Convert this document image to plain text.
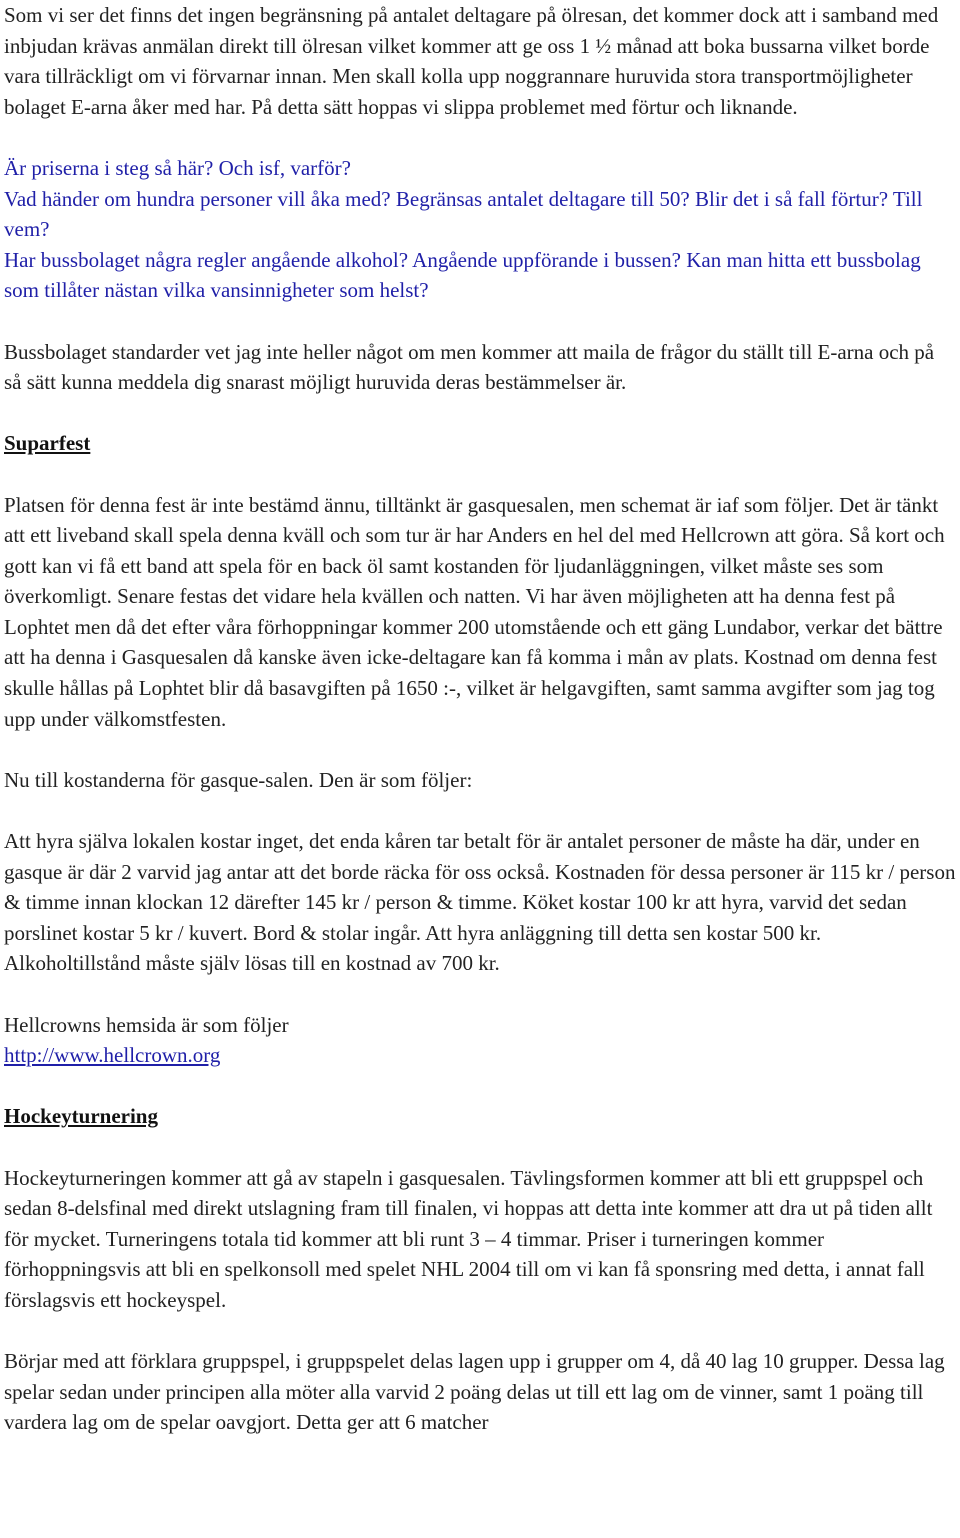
Som vi ser det finns det ingen begränsning på antalet deltagare på ölresan, det kommer dock att i samband med inbjudan krävas anmälan direkt till ölresan vilket kommer att ge oss 1 ½ månad att boka bussarna vilket borde vara tillräckligt om vi förvarnar innan. Men skall kolla upp noggrannare huruvida stora transportmöjligheter bolaget E-arna åker med har. På detta sätt hoppas vi slippa problemet med förtur och liknande.

Är priserna i steg så här? Och isf, varför?

Vad händer om hundra personer vill åka med? Begränsas antalet deltagare till 50? Blir det i så fall förtur? Till vem?

Har bussbolaget några regler angående alkohol? Angående uppförande i bussen? Kan man hitta ett bussbolag som tillåter nästan vilka vansinnigheter som helst?

Bussbolaget standarder vet jag inte heller något om men kommer att maila de frågor du ställt till E-arna och på så sätt kunna meddela dig snarast möjligt huruvida deras bestämmelser är.

Suparfest

Platsen för denna fest är inte bestämd ännu, tilltänkt är gasquesalen, men schemat är iaf som följer. Det är tänkt att ett liveband skall spela denna kväll och som tur är har Anders en hel del med Hellcrown att göra. Så kort och gott kan vi få ett band att spela för en back öl samt kostanden för ljudanläggningen, vilket måste ses som överkomligt. Senare festas det vidare hela kvällen och natten. Vi har även möjligheten att ha denna fest på Lophtet men då det efter våra förhoppningar kommer 200 utomstående och ett gäng Lundabor, verkar det bättre att ha denna i Gasquesalen då kanske även icke-deltagare kan få komma i mån av plats. Kostnad om denna fest skulle hållas på Lophtet blir då basavgiften på 1650 :-, vilket är helgavgiften, samt samma avgifter som jag tog upp under välkomstfesten.

Nu till kostanderna för gasque-salen. Den är som följer:

Att hyra själva lokalen kostar inget, det enda kåren tar betalt för är antalet personer de måste ha där, under en gasque är där 2 varvid jag antar att det borde räcka för oss också. Kostnaden för dessa personer är 115 kr / person & timme innan klockan 12 därefter 145 kr / person & timme. Köket kostar 100 kr att hyra, varvid det sedan porslinet kostar 5 kr / kuvert. Bord & stolar ingår. Att hyra anläggning till detta sen kostar 500 kr. Alkoholtillstånd måste själv lösas till en kostnad av 700 kr.

Hellcrowns hemsida är som följer

http://www.hellcrown.org

Hockeyturnering

Hockeyturneringen kommer att gå av stapeln i gasquesalen. Tävlingsformen kommer att bli ett gruppspel och sedan 8-delsfinal med direkt utslagning fram till finalen, vi hoppas att detta inte kommer att dra ut på tiden allt för mycket. Turneringens totala tid kommer att bli runt 3 – 4 timmar. Priser i turneringen kommer förhoppningsvis att bli en spelkonsoll med spelet NHL 2004 till om vi kan få sponsring med detta, i annat fall förslagsvis ett hockeyspel.

Börjar med att förklara gruppspel, i gruppspelet delas lagen upp i grupper om 4, då 40 lag 10 grupper. Dessa lag spelar sedan under principen alla möter alla varvid 2 poäng delas ut till ett lag om de vinner, samt 1 poäng till vardera lag om de spelar oavgjort. Detta ger att 6 matcher
